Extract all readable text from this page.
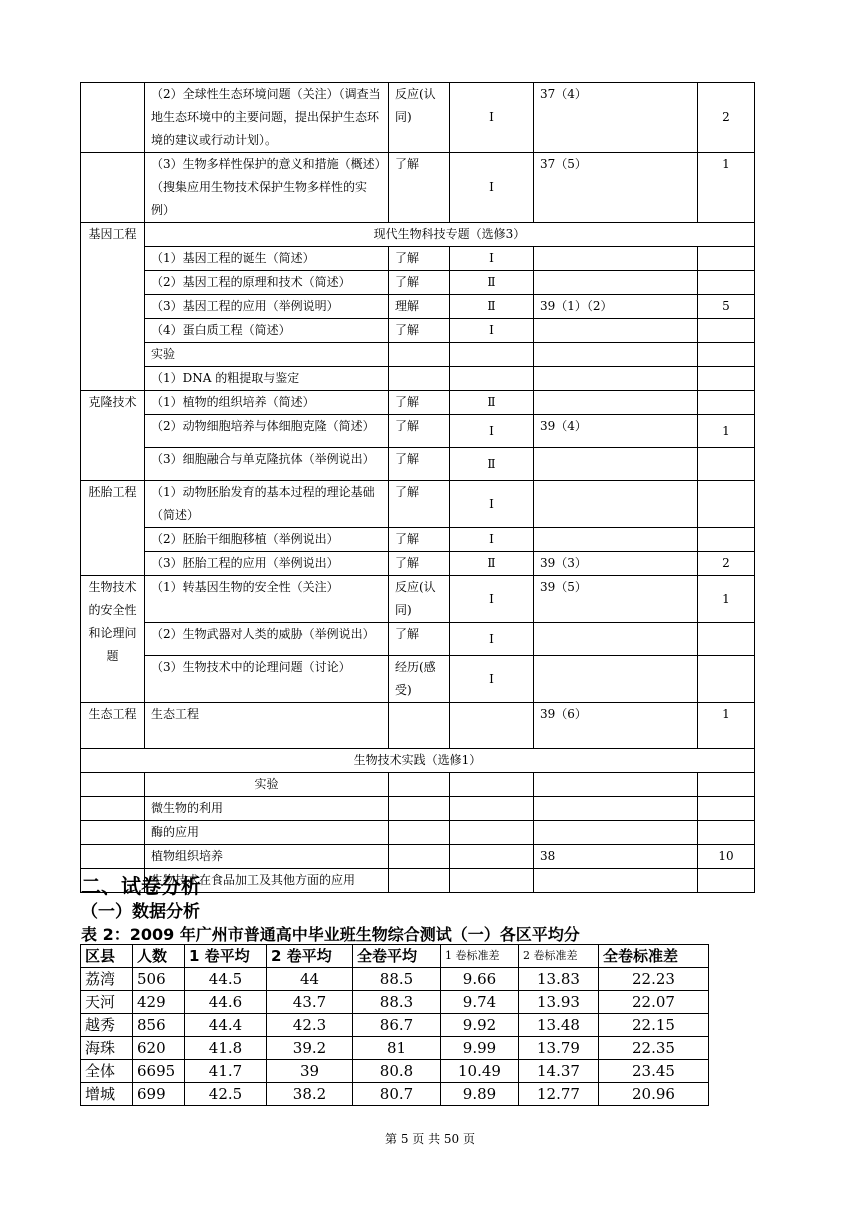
	（2）全球性生态环境问题（关注）（调查当地生态环境中的主要问题，提出保护生态环境的建议或行动计划）。	反应(认同)	Ⅰ	37（4）	2
	（3）生物多样性保护的意义和措施（概述）（搜集应用生物技术保护生物多样性的实例）	了解	Ⅰ	37（5）	1
基因工程	现代生物科技专题（选修3）				
	（1）基因工程的诞生（简述）	了解	Ⅰ		
	（2）基因工程的原理和技术（简述）	了解	Ⅱ		
	（3）基因工程的应用（举例说明）	理解	Ⅱ	39（1）（2）	5
	（4）蛋白质工程（简述）	了解	Ⅰ		
	实验				
	（1）DNA 的粗提取与鉴定				
克隆技术	（1）植物的组织培养（简述）	了解	Ⅱ		
	（2）动物细胞培养与体细胞克隆（简述）	了解	Ⅰ	39（4）	1
	（3）细胞融合与单克隆抗体（举例说出）	了解	Ⅱ		
胚胎工程	（1）动物胚胎发育的基本过程的理论基础（简述）	了解	Ⅰ		
	（2）胚胎干细胞移植（举例说出）	了解	Ⅰ		
	（3）胚胎工程的应用（举例说出）	了解	Ⅱ	39（3）	2
生物技术的安全性和论理问题	（1）转基因生物的安全性（关注）	反应(认同)	Ⅰ	39（5）	1
	（2）生物武器对人类的威胁（举例说出）	了解	Ⅰ		
	（3）生物技术中的论理问题（讨论）	经历(感受)	Ⅰ		
生态工程	生态工程			39（6）	1
生物技术实践（选修1）					
	实验				
	微生物的利用				
	酶的应用				
	植物组织培养			38	10
	生物技术在食品加工及其他方面的应用				
二、试卷分析
（一）数据分析
表 2：2009 年广州市普通高中毕业班生物综合测试（一）各区平均分
区县	人数	1 卷平均	2 卷平均	全卷平均	1 卷标准差	2 卷标准差	全卷标准差
荔湾	506	44.5	44	88.5	9.66	13.83	22.23
天河	429	44.6	43.7	88.3	9.74	13.93	22.07
越秀	856	44.4	42.3	86.7	9.92	13.48	22.15
海珠	620	41.8	39.2	81	9.99	13.79	22.35
全体	6695	41.7	39	80.8	10.49	14.37	23.45
增城	699	42.5	38.2	80.7	9.89	12.77	20.96
第 5 页 共 50 页
